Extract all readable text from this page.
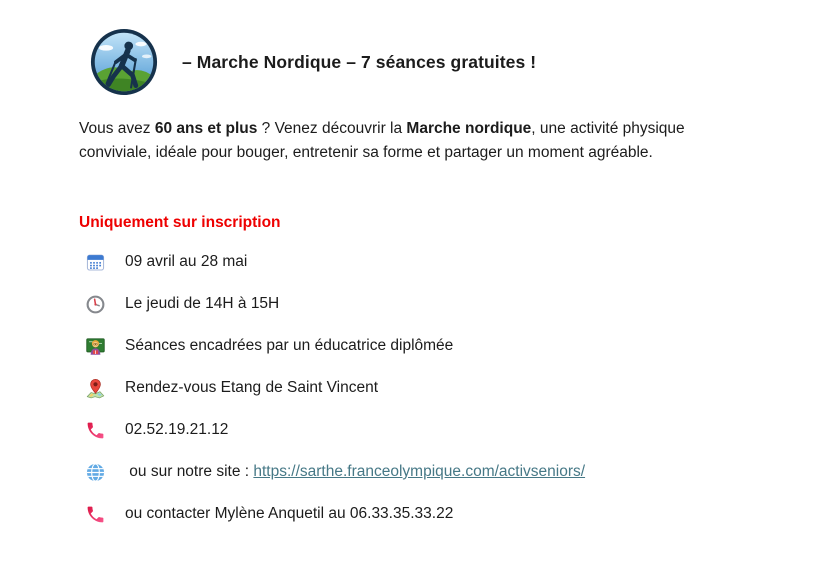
– Marche Nordique – 7 séances gratuites !

Vous avez 60 ans et plus ? Venez découvrir la Marche nordique, une activité physique conviviale, idéale pour bouger, entretenir sa forme et partager un moment agréable.

Uniquement sur inscription
09 avril au 28 mai
Le jeudi de 14H à 15H
Séances encadrées par un éducatrice diplômée
Rendez-vous Etang de Saint Vincent
02.52.19.21.12
ou sur notre site : https://sarthe.franceolympique.com/activseniors/
ou contacter Mylène Anquetil au 06.33.35.33.22
